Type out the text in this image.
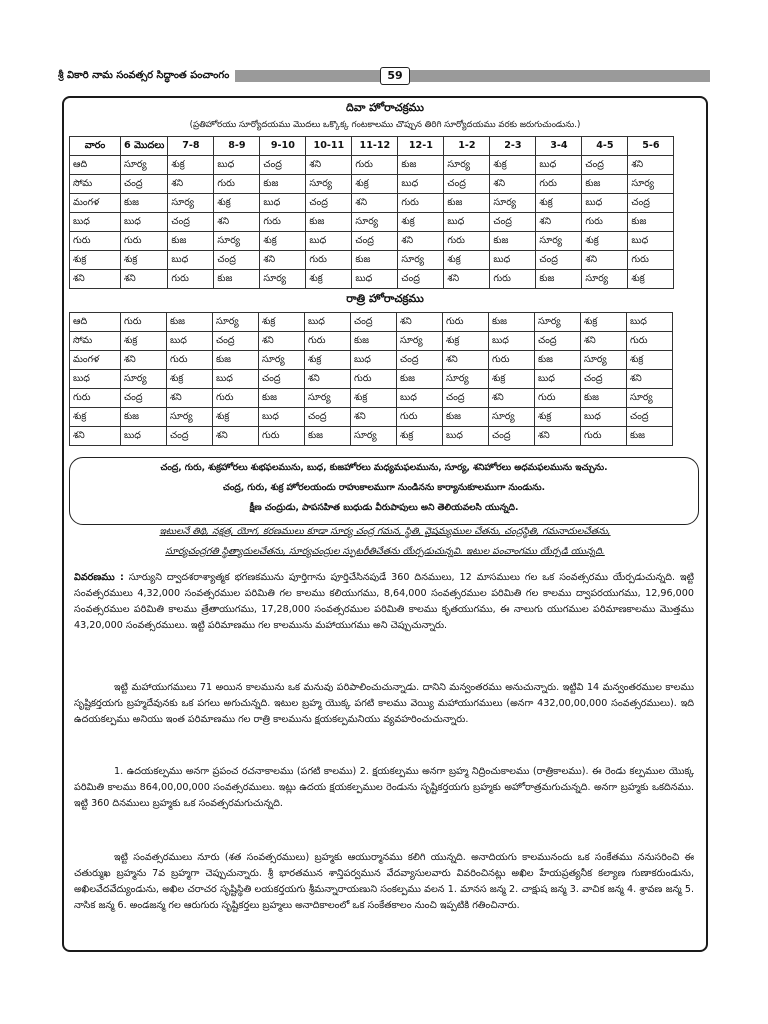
శ్రీ వికారి నామ సంవత్సర సిద్ధాంత పంచాంగం	59
దివా హోరాచక్రము
(ప్రతిహోరయు సూర్యోదయము మొదలు ఒక్కొక్క గంటకాలము చొప్పున తిరిగి సూర్యోదయము వరకు జరుగుచుండును.)
వారం	6 మొదలు	7-8	8-9	9-10	10-11	11-12	12-1	1-2	2-3	3-4	4-5	5-6
ఆది	సూర్య	శుక్ర	బుధ	చంద్ర	శని	గురు	కుజ	సూర్య	శుక్ర	బుధ	చంద్ర	శని
సోమ	చంద్ర	శని	గురు	కుజ	సూర్య	శుక్ర	బుధ	చంద్ర	శని	గురు	కుజ	సూర్య
మంగళ	కుజ	సూర్య	శుక్ర	బుధ	చంద్ర	శని	గురు	కుజ	సూర్య	శుక్ర	బుధ	చంద్ర
బుధ	బుధ	చంద్ర	శని	గురు	కుజ	సూర్య	శుక్ర	బుధ	చంద్ర	శని	గురు	కుజ
గురు	గురు	కుజ	సూర్య	శుక్ర	బుధ	చంద్ర	శని	గురు	కుజ	సూర్య	శుక్ర	బుధ
శుక్ర	శుక్ర	బుధ	చంద్ర	శని	గురు	కుజ	సూర్య	శుక్ర	బుధ	చంద్ర	శని	గురు
శని	శని	గురు	కుజ	సూర్య	శుక్ర	బుధ	చంద్ర	శని	గురు	కుజ	సూర్య	శుక్ర
రాత్రి హోరాచక్రము
ఆది	గురు	కుజ	సూర్య	శుక్ర	బుధ	చంద్ర	శని	గురు	కుజ	సూర్య	శుక్ర	బుధ
సోమ	శుక్ర	బుధ	చంద్ర	శని	గురు	కుజ	సూర్య	శుక్ర	బుధ	చంద్ర	శని	గురు
మంగళ	శని	గురు	కుజ	సూర్య	శుక్ర	బుధ	చంద్ర	శని	గురు	కుజ	సూర్య	శుక్ర
బుధ	సూర్య	శుక్ర	బుధ	చంద్ర	శని	గురు	కుజ	సూర్య	శుక్ర	బుధ	చంద్ర	శని
గురు	చంద్ర	శని	గురు	కుజ	సూర్య	శుక్ర	బుధ	చంద్ర	శని	గురు	కుజ	సూర్య
శుక్ర	కుజ	సూర్య	శుక్ర	బుధ	చంద్ర	శని	గురు	కుజ	సూర్య	శుక్ర	బుధ	చంద్ర
శని	బుధ	చంద్ర	శని	గురు	కుజ	సూర్య	శుక్ర	బుధ	చంద్ర	శని	గురు	కుజ
చంద్ర, గురు, శుక్రహోరలు శుభఫలమును, బుధ, కుజహోరలు మధ్యమఫలమును, సూర్య, శనిహోరలు అధమఫలమును ఇచ్చును.
చంద్ర, గురు, శుక్ర హోరలయందు రాహుకాలముగా నుండినను కార్యానుకూలముగా నుండును.
క్షీణ చంద్రుడు, పాపసహిత బుధుడు వీరుపాపులు అని తెలియవలసి యున్నది.
ఇటులనే తిథి, నక్షత్ర, యోగ, కరణములు కూడా సూర్య చంద్ర గమన, స్థితి, వైషమ్యముల చేతను, చంద్రస్థితి, గమనాదులచేతను,
సూర్యచంద్రగతి స్థిత్యాదులచేతను, సూర్యచంద్రుల స్ఫుటరీతిచేతను యేర్పడుచున్నవి. ఇటుల పంచాంగము యేర్పడి యున్నది.

వివరణము : సూర్యుని ద్వాదశరాశ్యాత్మక భగణకమును పూర్తిగాను పూర్తిచేసినపుడే 360 దినములు, 12 మాసములు గల ఒక సంవత్సరము యేర్పడుచున్నది. ఇట్టి సంవత్సరములు 4,32,000 సంవత్సరముల పరిమితి గల కాలము కలియుగము, 8,64,000 సంవత్సరముల పరిమితి గల కాలము ద్వాపరయుగము, 12,96,000 సంవత్సరముల పరిమితి కాలము త్రేతాయుగము, 17,28,000 సంవత్సరముల పరిమితి కాలము కృతయుగము, ఈ నాలుగు యుగముల పరిమాణకాలము మొత్తము 43,20,000 సంవత్సరములు. ఇట్టి పరిమాణము గల కాలమును మహాయుగము అని చెప్పుచున్నారు.

ఇట్టి మహాయుగములు 71 అయిన కాలమును ఒక మనువు పరిపాలించుచున్నాడు. దానిని మన్వంతరము అనుచున్నారు. ఇట్టివి 14 మన్వంతరముల కాలము సృష్టికర్తయగు బ్రహ్మదేవునకు ఒక పగలు అగుచున్నది. ఇటుల బ్రహ్మ యొక్క పగటి కాలము వెయ్యి మహాయుగములు (అనగా 432,00,00,000 సంవత్సరములు). ఇది ఉదయకల్పము అనియు ఇంత పరిమాణము గల రాత్రి కాలమును క్షయకల్పమనియు వ్యవహరించుచున్నారు.

1. ఉదయకల్పము అనగా ప్రపంచ రచనాకాలము (పగటి కాలము) 2. క్షయకల్పము అనగా బ్రహ్మ నిద్రించుకాలము (రాత్రికాలము). ఈ రెండు కల్పముల యొక్క పరిమితి కాలము 864,00,00,000 సంవత్సరములు. ఇట్లు ఉదయ క్షయకల్పముల రెండును సృష్టికర్తయగు బ్రహ్మకు అహోరాత్రమగుచున్నది. అనగా బ్రహ్మకు ఒకదినము. ఇట్టి 360 దినములు బ్రహ్మకు ఒక సంవత్సరమగుచున్నది.

ఇట్టి సంవత్సరములు నూరు (శత సంవత్సరములు) బ్రహ్మకు ఆయుర్మానము కలిగి యున్నది. అనాదియగు కాలమునందు ఒక సంకేతము ననుసరించి ఈ చతుర్ముఖ బ్రహ్మను 7వ బ్రహ్మగా చెప్పుచున్నారు. శ్రీ భారతమున శాన్తిపర్వమున వేదవ్యాసులవారు వివరించినట్లు అఖిల హేయప్రత్యనీక కల్యాణ గుణాకరుండును, అఖిలవేదవేద్యుండును, అఖిల చరాచర సృష్టిస్థితి లయకర్తయగు శ్రీమన్నారాయణుని సంకల్పము వలన 1. మానస జన్మ 2. చాక్షుష జన్మ 3. వాచిక జన్మ 4. శ్రావణ జన్మ 5. నాసిక జన్మ 6. అండజన్మ గల ఆరుగురు సృష్టికర్తలు బ్రహ్మలు అనాదికాలంలో ఒక సంకేతకాలం నుంచి ఇప్పటికి గతించినారు.
